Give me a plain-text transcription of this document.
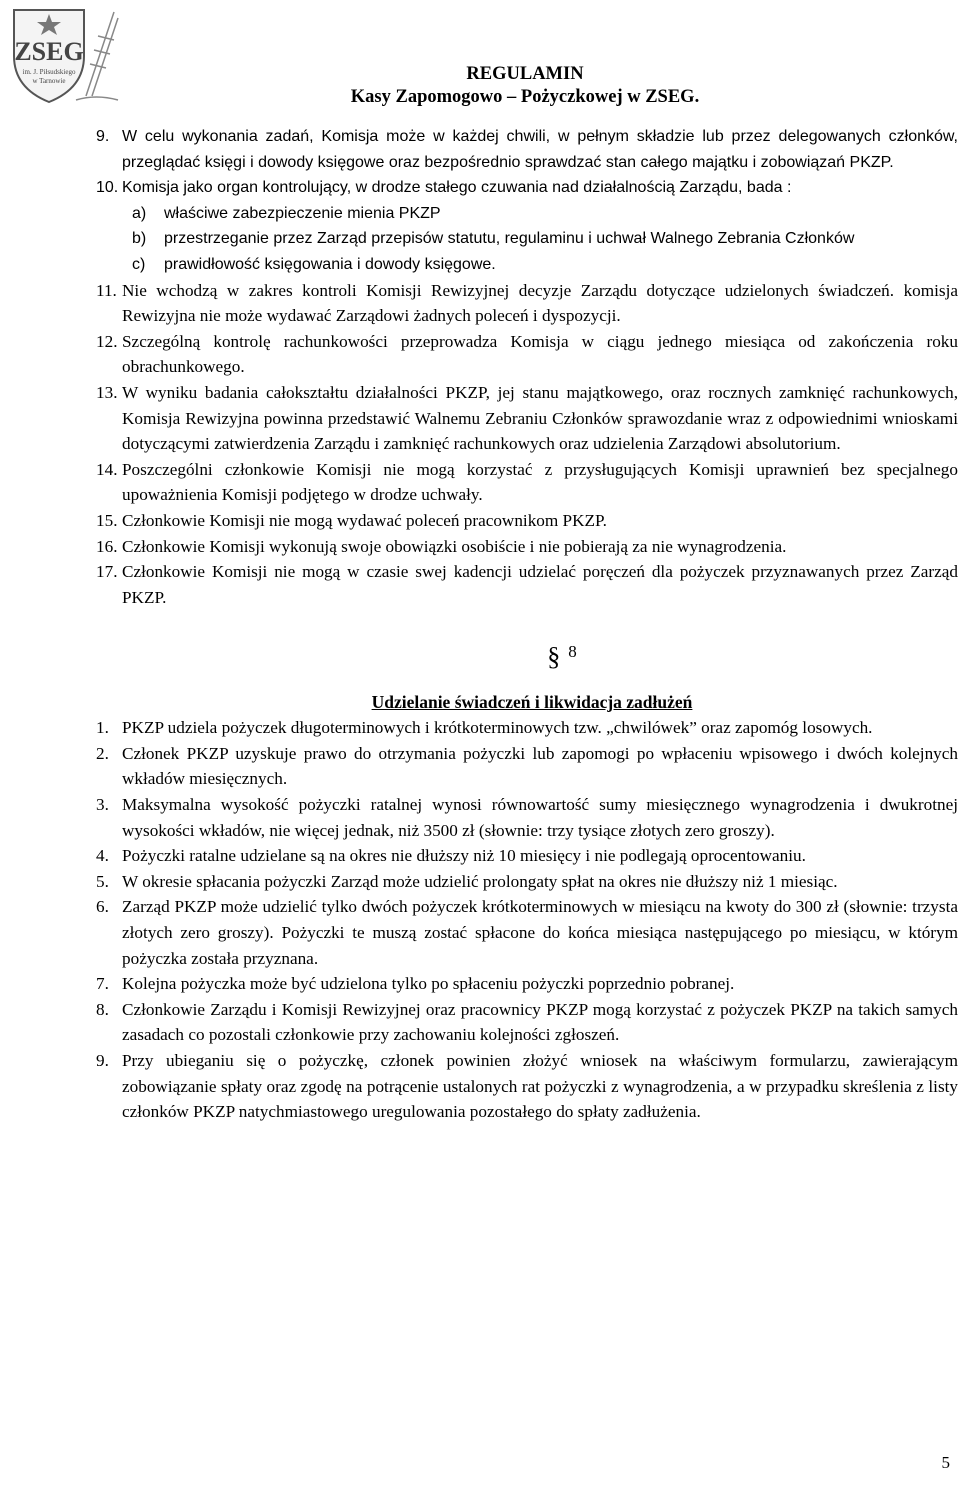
ZSEG
im. J. Piłsudskiego
w Tarnowie	REGULAMIN
Kasy Zapomogowo – Pożyczkowej w ZSEG.
9. W celu wykonania zadań, Komisja może w każdej chwili, w pełnym składzie lub przez delegowanych członków, przeglądać księgi i dowody księgowe oraz bezpośrednio sprawdzać stan całego majątku i zobowiązań PKZP.
10. Komisja jako organ kontrolujący, w drodze stałego czuwania nad działalnością Zarządu, bada :
a) właściwe zabezpieczenie mienia PKZP
b) przestrzeganie przez Zarząd przepisów statutu, regulaminu i uchwał Walnego Zebrania Członków
c) prawidłowość księgowania i dowody księgowe.
11. Nie wchodzą w zakres kontroli Komisji Rewizyjnej decyzje Zarządu dotyczące udzielonych świadczeń. komisja Rewizyjna nie może wydawać Zarządowi żadnych poleceń i dyspozycji.
12. Szczególną kontrolę rachunkowości przeprowadza Komisja w ciągu jednego miesiąca od zakończenia roku obrachunkowego.
13. W wyniku badania całokształtu działalności PKZP, jej stanu majątkowego, oraz rocznych zamknięć rachunkowych, Komisja Rewizyjna powinna przedstawić Walnemu Zebraniu Członków sprawozdanie wraz z odpowiednimi wnioskami dotyczącymi zatwierdzenia Zarządu i zamknięć rachunkowych oraz udzielenia Zarządowi absolutorium.
14. Poszczególni członkowie Komisji nie mogą korzystać z przysługujących Komisji uprawnień bez specjalnego upoważnienia Komisji podjętego w drodze uchwały.
15. Członkowie Komisji nie mogą wydawać poleceń pracownikom PKZP.
16. Członkowie Komisji wykonują swoje obowiązki osobiście i nie pobierają za nie wynagrodzenia.
17. Członkowie Komisji nie mogą w czasie swej kadencji udzielać poręczeń dla pożyczek przyznawanych przez Zarząd PKZP.
§ $^8$
Udzielanie świadczeń i likwidacja zadłużeń
1. PKZP udziela pożyczek długoterminowych i krótkoterminowych tzw. „chwilówek” oraz zapomóg losowych.
2. Członek PKZP uzyskuje prawo do otrzymania pożyczki lub zapomogi po wpłaceniu wpisowego i dwóch kolejnych wkładów miesięcznych.
3. Maksymalna wysokość pożyczki ratalnej wynosi równowartość sumy miesięcznego wynagrodzenia i dwukrotnej wysokości wkładów, nie więcej jednak, niż 3500 zł (słownie: trzy tysiące złotych zero groszy).
4. Pożyczki ratalne udzielane są na okres nie dłuższy niż 10 miesięcy i nie podlegają oprocentowaniu.
5. W okresie spłacania pożyczki Zarząd może udzielić prolongaty spłat na okres nie dłuższy niż 1 miesiąc.
6. Zarząd PKZP może udzielić tylko dwóch pożyczek krótkoterminowych w miesiącu na kwoty do 300 zł (słownie: trzysta złotych zero groszy). Pożyczki te muszą zostać spłacone do końca miesiąca następującego po miesiącu, w którym pożyczka została przyznana.
7. Kolejna pożyczka może być udzielona tylko po spłaceniu pożyczki poprzednio pobranej.
8. Członkowie Zarządu i Komisji Rewizyjnej oraz pracownicy PKZP mogą korzystać z pożyczek PKZP na takich samych zasadach co pozostali członkowie przy zachowaniu kolejności zgłoszeń.
9. Przy ubieganiu się o pożyczkę, członek powinien złożyć wniosek na właściwym formularzu, zawierającym zobowiązanie spłaty oraz zgodę na potrącenie ustalonych rat pożyczki z wynagrodzenia, a w przypadku skreślenia z listy członków PKZP natychmiastowego uregulowania pozostałego do spłaty zadłużenia.
5
